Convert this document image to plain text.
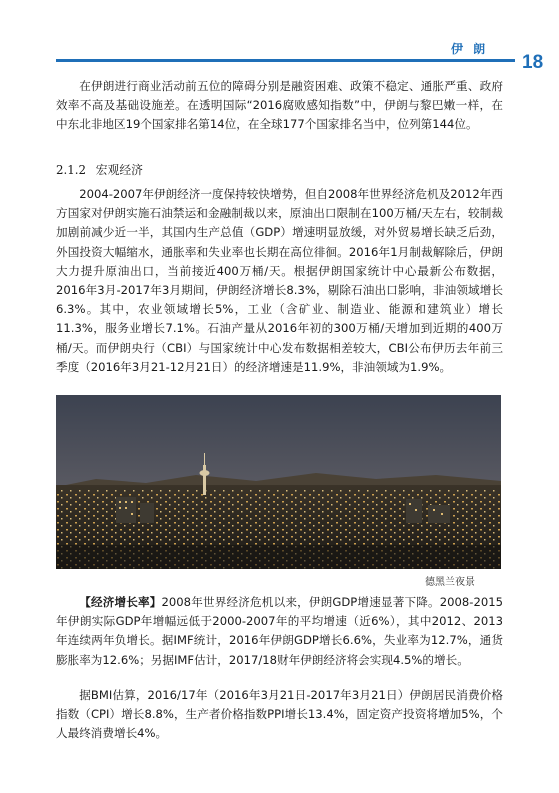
伊 朗
18

在伊朗进行商业活动前五位的障碍分别是融资困难、政策不稳定、通胀严重、政府效率不高及基础设施差。在透明国际“2016腐败感知指数”中，伊朗与黎巴嫩一样，在中东北非地区19个国家排名第14位，在全球177个国家排名当中，位列第144位。

2.1.2 宏观经济

2004-2007年伊朗经济一度保持较快增势，但自2008年世界经济危机及2012年西方国家对伊朗实施石油禁运和金融制裁以来，原油出口限制在100万桶/天左右，较制裁加剧前减少近一半，其国内生产总值（GDP）增速明显放缓，对外贸易增长缺乏后劲，外国投资大幅缩水，通胀率和失业率也长期在高位徘徊。2016年1月制裁解除后，伊朗大力提升原油出口，当前接近400万桶/天。根据伊朗国家统计中心最新公布数据，2016年3月-2017年3月期间，伊朗经济增长8.3%，剔除石油出口影响，非油领域增长6.3%。其中，农业领域增长5%，工业（含矿业、制造业、能源和建筑业）增长11.3%，服务业增长7.1%。石油产量从2016年初的300万桶/天增加到近期的400万桶/天。而伊朗央行（CBI）与国家统计中心发布数据相差较大，CBI公布伊历去年前三季度（2016年3月21-12月21日）的经济增速是11.9%，非油领域为1.9%。

德黑兰夜景

【经济增长率】2008年世界经济危机以来，伊朗GDP增速显著下降。2008-2015年伊朗实际GDP年增幅远低于2000-2007年的平均增速（近6%），其中2012、2013年连续两年负增长。据IMF统计，2016年伊朗GDP增长6.6%，失业率为12.7%，通货膨胀率为12.6%；另据IMF估计，2017/18财年伊朗经济将会实现4.5%的增长。

据BMI估算，2016/17年（2016年3月21日-2017年3月21日）伊朗居民消费价格指数（CPI）增长8.8%，生产者价格指数PPI增长13.4%，固定资产投资将增加5%，个人最终消费增长4%。
